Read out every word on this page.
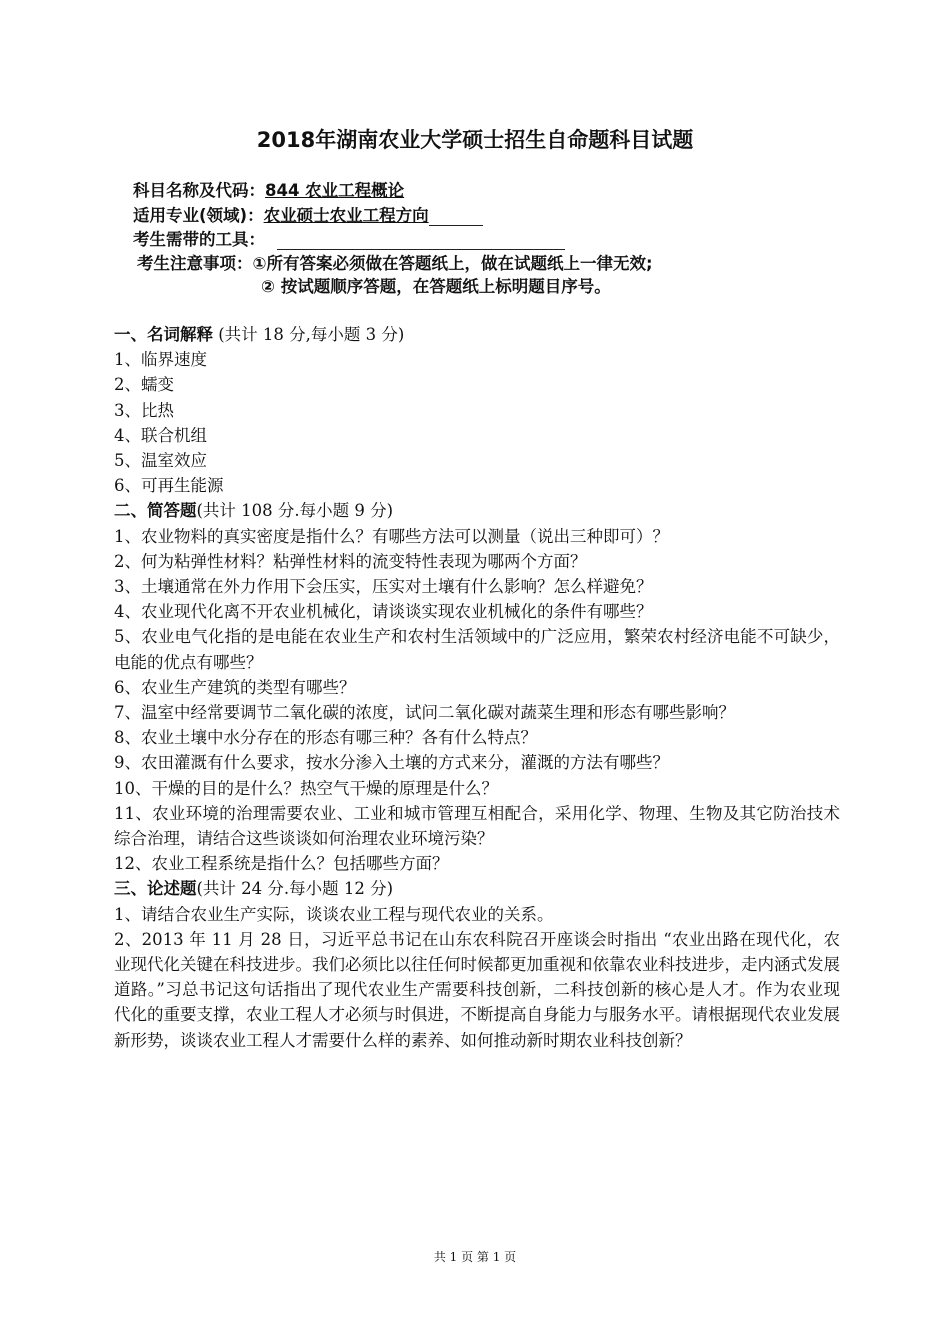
2018年湖南农业大学硕士招生自命题科目试题
科目名称及代码：844 农业工程概论
适用专业(领域)：农业硕士农业工程方向
考生需带的工具：
考生注意事项：①所有答案必须做在答题纸上，做在试题纸上一律无效;
② 按试题顺序答题，在答题纸上标明题目序号。

一、名词解释 (共计 18 分,每小题 3 分)

1、临界速度

2、蠕变

3、比热

4、联合机组

5、温室效应

6、可再生能源

二、简答题(共计 108 分.每小题 9 分)

1、农业物料的真实密度是指什么？有哪些方法可以测量（说出三种即可）？

2、何为粘弹性材料？粘弹性材料的流变特性表现为哪两个方面？

3、土壤通常在外力作用下会压实，压实对土壤有什么影响？怎么样避免？

4、农业现代化离不开农业机械化，请谈谈实现农业机械化的条件有哪些？

5、农业电气化指的是电能在农业生产和农村生活领域中的广泛应用，繁荣农村经济电能不可缺少，电能的优点有哪些？

6、农业生产建筑的类型有哪些？

7、温室中经常要调节二氧化碳的浓度，试问二氧化碳对蔬菜生理和形态有哪些影响？

8、农业土壤中水分存在的形态有哪三种？各有什么特点？

9、农田灌溉有什么要求，按水分渗入土壤的方式来分，灌溉的方法有哪些？

10、干燥的目的是什么？热空气干燥的原理是什么？

11、农业环境的治理需要农业、工业和城市管理互相配合，采用化学、物理、生物及其它防治技术综合治理，请结合这些谈谈如何治理农业环境污染？

12、农业工程系统是指什么？包括哪些方面？

三、论述题(共计 24 分.每小题 12 分)

1、请结合农业生产实际，谈谈农业工程与现代农业的关系。

2、2013 年 11 月 28 日，习近平总书记在山东农科院召开座谈会时指出 “农业出路在现代化，农业现代化关键在科技进步。我们必须比以往任何时候都更加重视和依靠农业科技进步，走内涵式发展道路。”习总书记这句话指出了现代农业生产需要科技创新，二科技创新的核心是人才。作为农业现代化的重要支撑，农业工程人才必须与时俱进，不断提高自身能力与服务水平。请根据现代农业发展新形势，谈谈农业工程人才需要什么样的素养、如何推动新时期农业科技创新？

共 1 页 第 1 页
